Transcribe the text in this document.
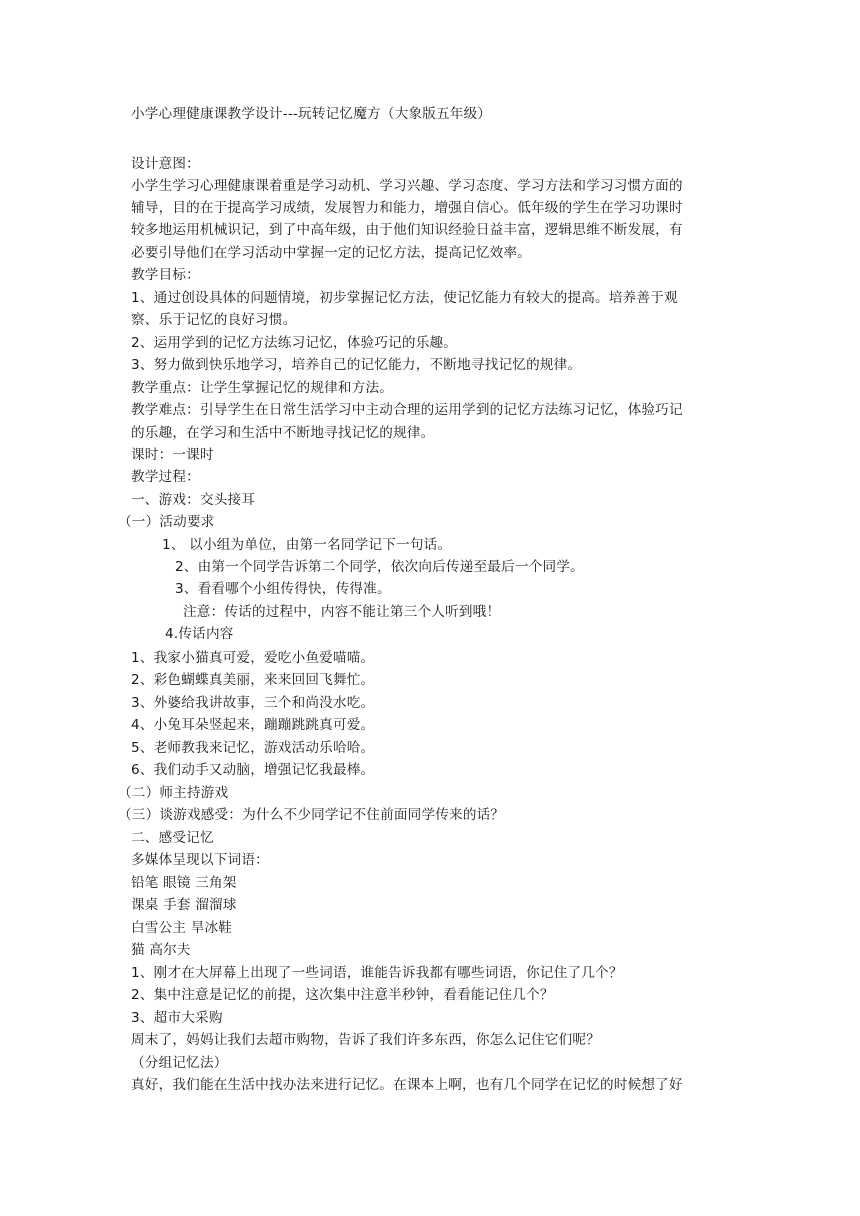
小学心理健康课教学设计---玩转记忆魔方（大象版五年级）
设计意图：
小学生学习心理健康课着重是学习动机、学习兴趣、学习态度、学习方法和学习习惯方面的
辅导，目的在于提高学习成绩，发展智力和能力，增强自信心。低年级的学生在学习功课时
较多地运用机械识记，到了中高年级，由于他们知识经验日益丰富，逻辑思维不断发展，有
必要引导他们在学习活动中掌握一定的记忆方法，提高记忆效率。
教学目标：
1、通过创设具体的问题情境，初步掌握记忆方法，使记忆能力有较大的提高。培养善于观
察、乐于记忆的良好习惯。
2、运用学到的记忆方法练习记忆，体验巧记的乐趣。
3、努力做到快乐地学习，培养自己的记忆能力，不断地寻找记忆的规律。
教学重点：让学生掌握记忆的规律和方法。
教学难点：引导学生在日常生活学习中主动合理的运用学到的记忆方法练习记忆，体验巧记
的乐趣，在学习和生活中不断地寻找记忆的规律。
课时：一课时
教学过程：
一、游戏：交头接耳
（一）活动要求
1、 以小组为单位，由第一名同学记下一句话。
2、由第一个同学告诉第二个同学，依次向后传递至最后一个同学。
3、看看哪个小组传得快，传得准。
注意：传话的过程中，内容不能让第三个人听到哦！
4.传话内容
1、我家小猫真可爱，爱吃小鱼爱喵喵。
2、彩色蝴蝶真美丽，来来回回飞舞忙。
3、外婆给我讲故事，三个和尚没水吃。
4、小兔耳朵竖起来，蹦蹦跳跳真可爱。
5、老师教我来记忆，游戏活动乐哈哈。
6、我们动手又动脑，增强记忆我最棒。
（二）师主持游戏
（三）谈游戏感受：为什么不少同学记不住前面同学传来的话？
二、感受记忆
多媒体呈现以下词语：
铅笔 眼镜 三角架
课桌 手套 溜溜球
白雪公主 旱冰鞋
猫 高尔夫
1、刚才在大屏幕上出现了一些词语，谁能告诉我都有哪些词语，你记住了几个？
2、集中注意是记忆的前提，这次集中注意半秒钟，看看能记住几个？
3、超市大采购
周末了，妈妈让我们去超市购物，告诉了我们许多东西，你怎么记住它们呢？
（分组记忆法）
真好，我们能在生活中找办法来进行记忆。在课本上啊，也有几个同学在记忆的时候想了好
